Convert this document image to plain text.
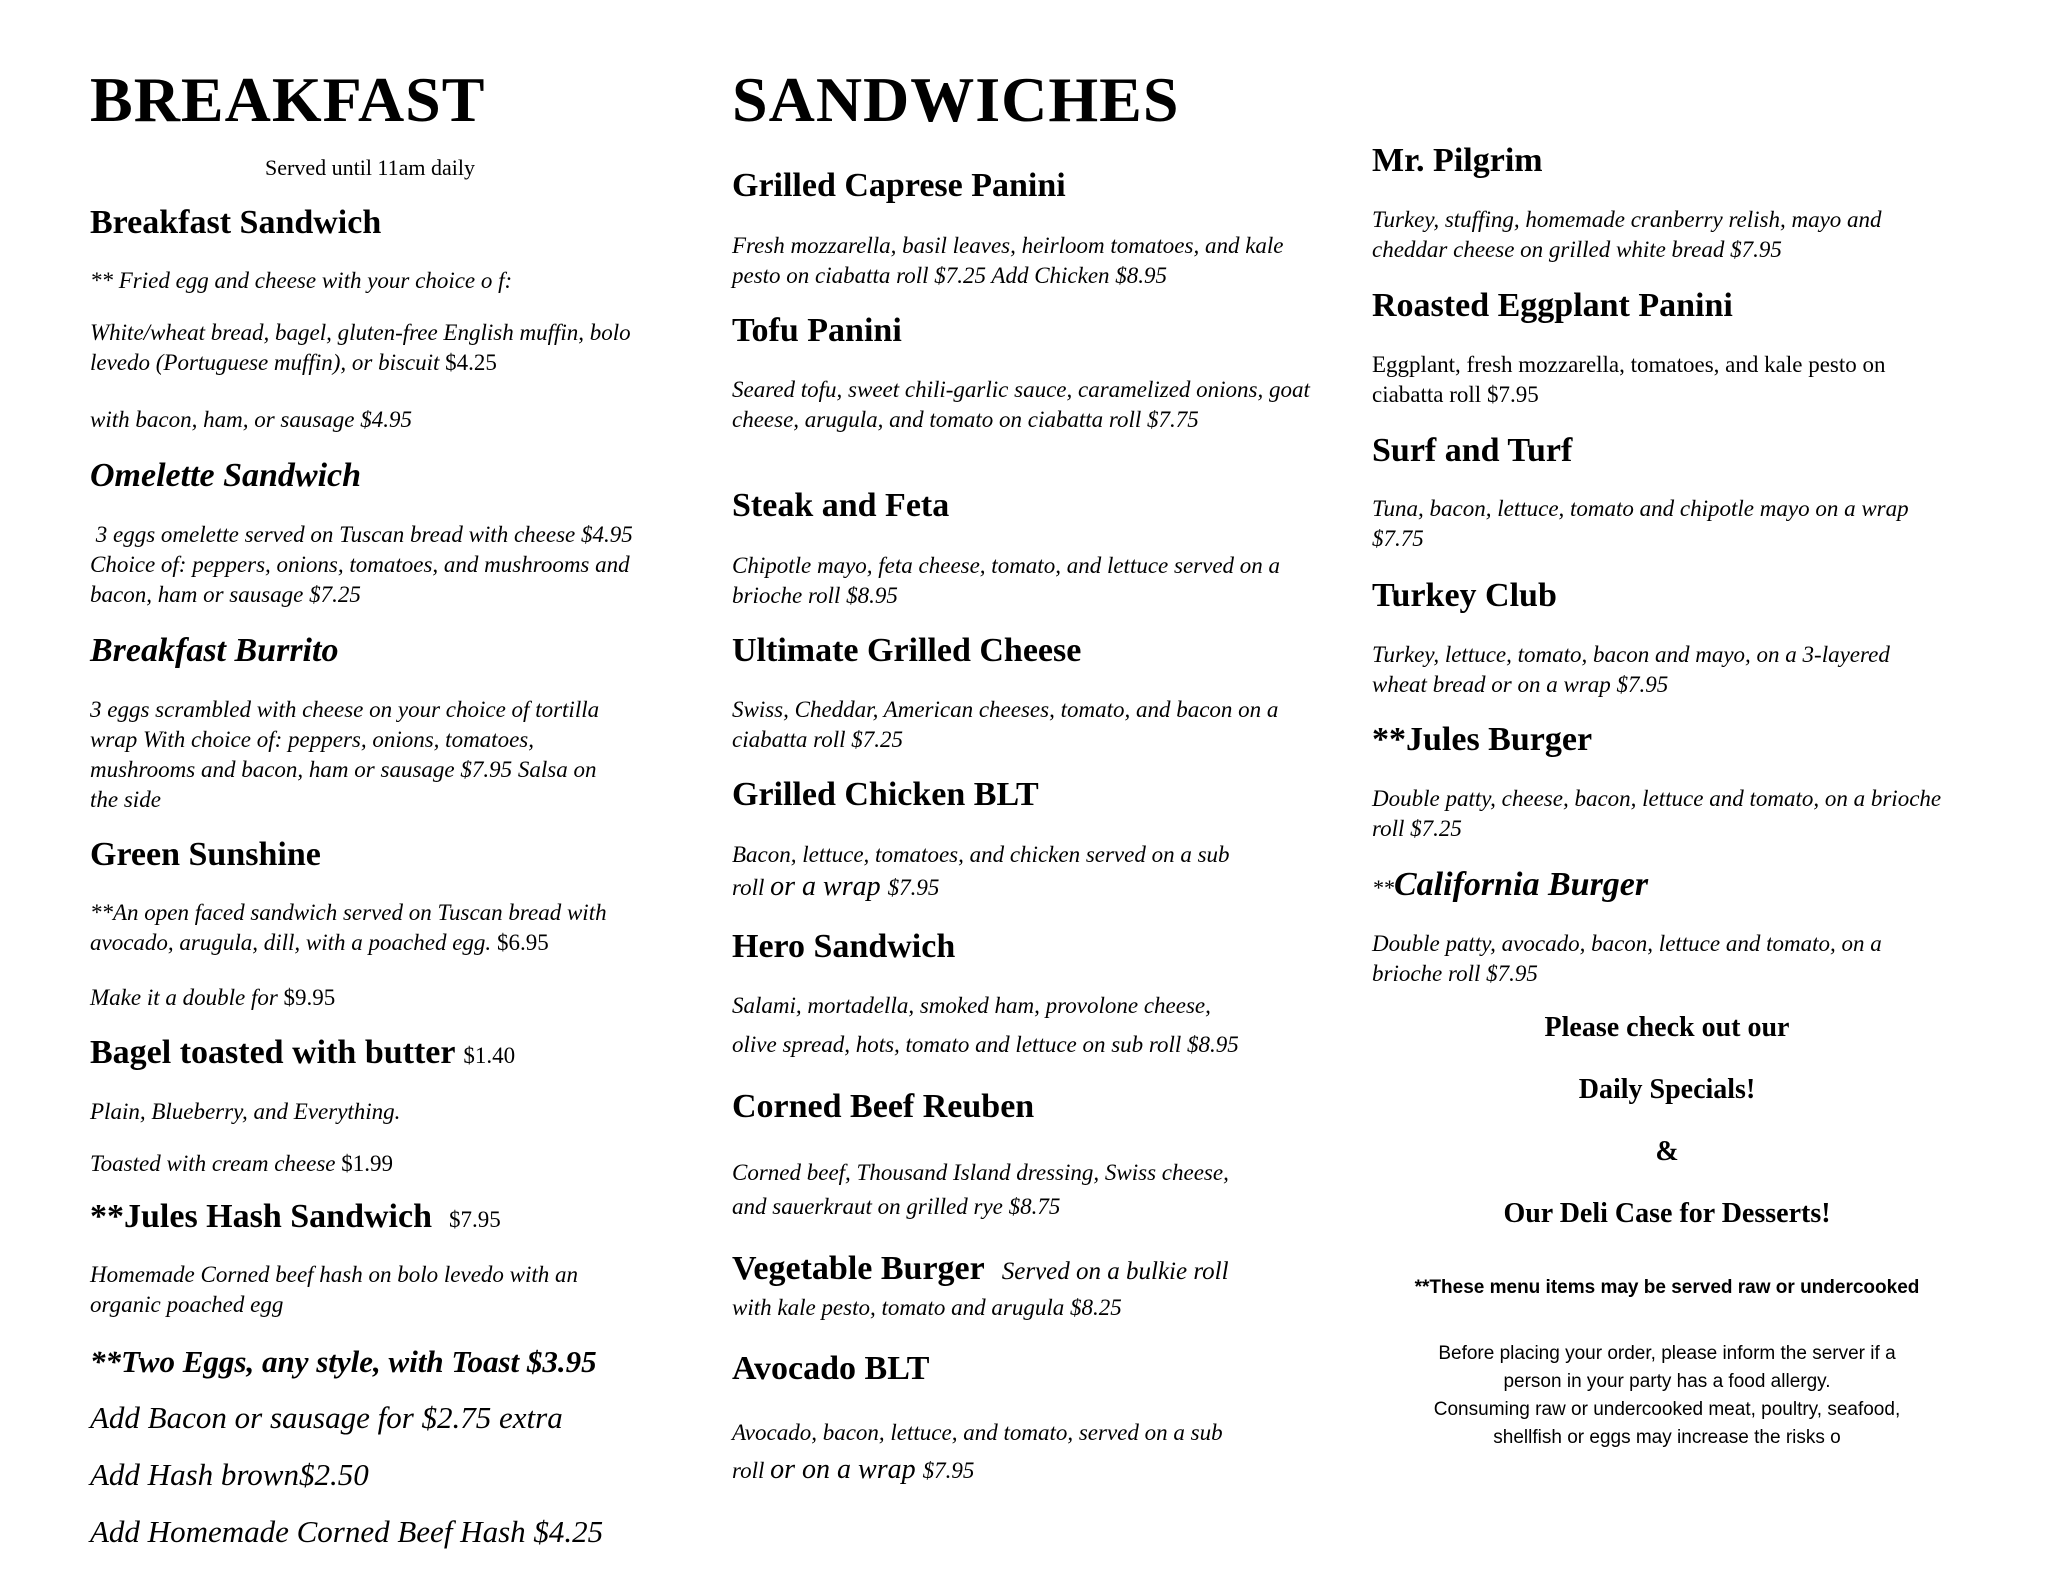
BREAKFAST
Served until 11am daily
Breakfast Sandwich
** Fried egg and cheese with your choice o f:
White/wheat bread, bagel, gluten-free English muffin, bolo levedo (Portuguese muffin), or biscuit $4.25
with bacon, ham, or sausage $4.95
Omelette Sandwich
3 eggs omelette served on Tuscan bread with cheese $4.95  Choice of: peppers, onions, tomatoes, and mushrooms and bacon, ham or sausage $7.25
Breakfast Burrito
3 eggs scrambled with cheese on your choice of tortilla wrap With choice of: peppers, onions, tomatoes, mushrooms and bacon, ham or sausage $7.95 Salsa on the side
Green Sunshine
**An open faced sandwich served on Tuscan bread with avocado, arugula, dill, with a poached egg. $6.95
Make it a double for $9.95
Bagel toasted with butter $1.40
Plain, Blueberry, and Everything.
Toasted with cream cheese $1.99
**Jules Hash Sandwich $7.95
Homemade Corned beef hash on bolo levedo with an organic poached egg
**Two Eggs, any style, with Toast $3.95
Add Bacon or sausage for $2.75 extra
Add Hash brown$2.50
Add Homemade Corned Beef Hash $4.25
SANDWICHES
Grilled Caprese Panini
Fresh mozzarella, basil leaves, heirloom tomatoes, and kale pesto on ciabatta roll $7.25 Add Chicken $8.95
Tofu Panini
Seared tofu, sweet chili-garlic sauce, caramelized onions, goat cheese, arugula, and tomato on ciabatta roll $7.75
Steak and Feta
Chipotle mayo, feta cheese, tomato, and lettuce served on a brioche roll $8.95
Ultimate Grilled Cheese
Swiss, Cheddar, American cheeses, tomato, and bacon on a ciabatta roll $7.25
Grilled Chicken BLT
Bacon, lettuce, tomatoes, and chicken served on a sub
roll or a wrap $7.95
Hero Sandwich
Salami, mortadella, smoked ham, provolone cheese,
olive spread, hots, tomato and lettuce on sub roll $8.95
Corned Beef Reuben
Corned beef, Thousand Island dressing, Swiss cheese,
and sauerkraut on grilled rye $8.75
Vegetable Burger Served on a bulkie roll
with kale pesto, tomato and arugula $8.25
Avocado BLT
Avocado, bacon, lettuce, and tomato, served on a sub
roll or on a wrap $7.95
Mr. Pilgrim
Turkey, stuffing, homemade cranberry relish, mayo and cheddar cheese on grilled white bread $7.95
Roasted Eggplant Panini
Eggplant, fresh mozzarella, tomatoes, and kale pesto on ciabatta roll $7.95
Surf and Turf
Tuna, bacon, lettuce, tomato and chipotle mayo on a wrap $7.75
Turkey Club
Turkey, lettuce, tomato, bacon and mayo, on a 3-layered wheat bread or on a wrap $7.95
**Jules Burger
Double patty, cheese, bacon, lettuce and tomato, on a brioche roll $7.25
**California Burger
Double patty, avocado, bacon, lettuce and tomato, on a brioche roll $7.95
Please check out our
Daily Specials!
&
Our Deli Case for Desserts!
**These menu items may be served raw or undercooked
Before placing your order, please inform the server if a
person in your party has a food allergy.
Consuming raw or undercooked meat, poultry, seafood,
shellfish or eggs may increase the risks o
